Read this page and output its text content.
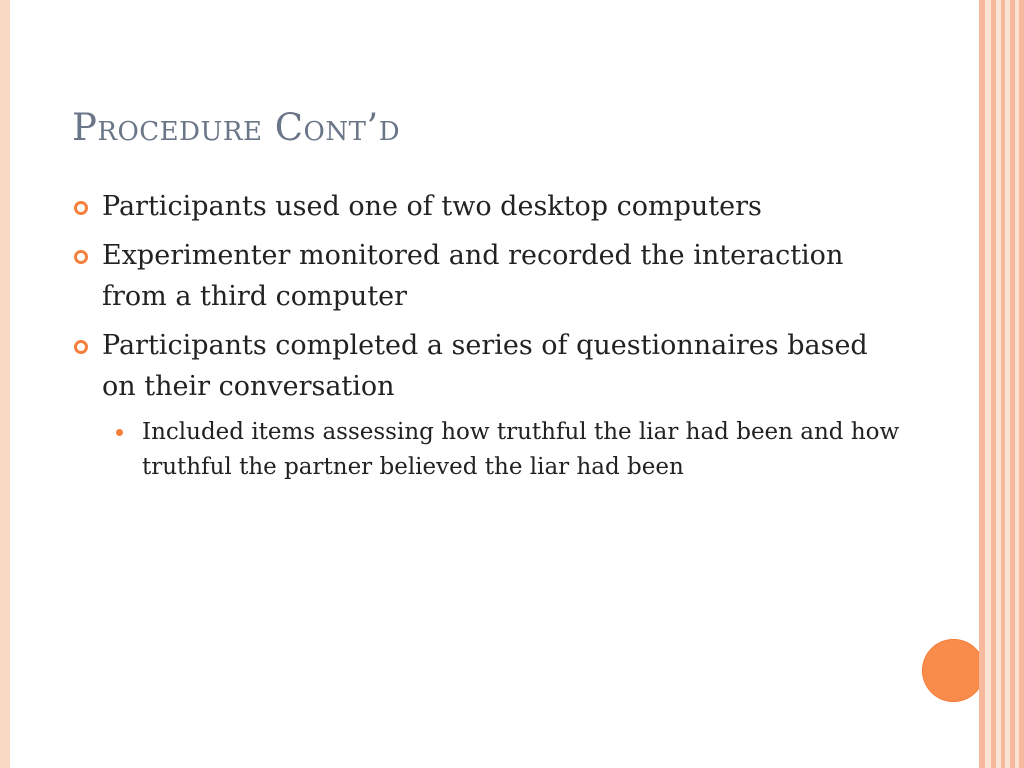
Procedure Cont’d
Participants used one of two desktop computers
Experimenter monitored and recorded the interaction from a third computer
Participants completed a series of questionnaires based on their conversation
Included items assessing how truthful the liar had been and how truthful the partner believed the liar had been
